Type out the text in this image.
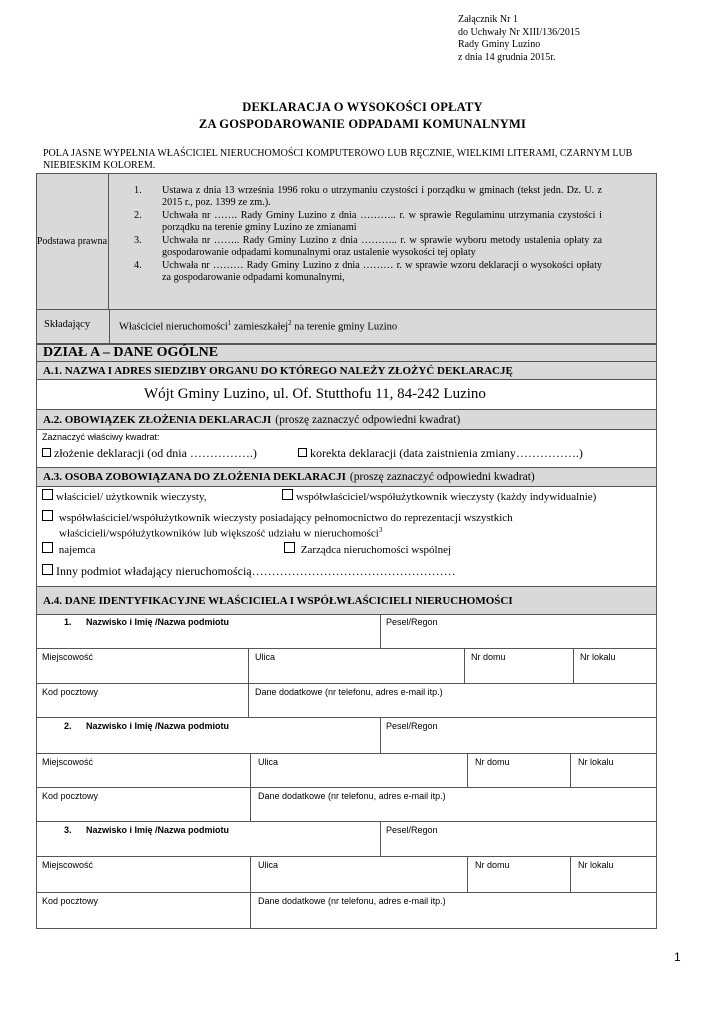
Załącznik Nr 1
do Uchwały Nr XIII/136/2015
Rady Gminy Luzino
z dnia 14 grudnia 2015r.
DEKLARACJA O WYSOKOŚCI OPŁATY
ZA GOSPODAROWANIE ODPADAMI KOMUNALNYMI
POLA JASNE WYPEŁNIA WŁAŚCICIEL NIERUCHOMOŚCI KOMPUTEROWO LUB RĘCZNIE, WIELKIMI LITERAMI, CZARNYM LUB NIEBIESKIM KOLOREM.
Podstawa prawna
1. Ustawa z dnia 13 września 1996 roku o utrzymaniu czystości i porządku w gminach (tekst jedn. Dz. U. z 2015 r., poz. 1399 ze zm.).
2. Uchwała nr ……. Rady Gminy Luzino z dnia ……….. r. w sprawie Regulaminu utrzymania czystości i porządku na terenie gminy Luzino ze zmianami
3. Uchwała nr …….. Rady Gminy Luzino z dnia ……….. r. w sprawie wyboru metody ustalenia opłaty za gospodarowanie odpadami komunalnymi oraz ustalenie wysokości tej opłaty
4. Uchwała nr ……… Rady Gminy Luzino z dnia ……… r. w sprawie wzoru deklaracji o wysokości opłaty za gospodarowanie odpadami komunalnymi,
Składający	Właściciel nieruchomości$^1$ zamieszkałej$^2$ na terenie gminy Luzino
DZIAŁ A – DANE OGÓLNE
A.1. NAZWA I ADRES SIEDZIBY ORGANU DO KTÓREGO NALEŻY ZŁOŻYĆ DEKLARACJĘ
Wójt Gminy Luzino, ul. Of. Stutthofu 11, 84-242 Luzino
A.2. OBOWIĄZEK ZŁOŻENIA DEKLARACJI (proszę zaznaczyć odpowiedni kwadrat)
Zaznaczyć właściwy kwadrat:
złożenie deklaracji (od dnia …………….)	korekta deklaracji (data zaistnienia zmiany…………….)
A.3. OSOBA ZOBOWIĄZANA DO ZŁOŻENIA DEKLARACJI (proszę zaznaczyć odpowiedni kwadrat)
właściciel/ użytkownik wieczysty,	współwłaściciel/współużytkownik wieczysty (każdy indywidualnie)
współwłaściciel/współużytkownik wieczysty posiadający pełnomocnictwo do reprezentacji wszystkich
właścicieli/współużytkowników lub większość udziału w nieruchomości$^3$
najemca	Zarządca nieruchomości wspólnej
Inny podmiot władający nieruchomością……………………………………………
A.4. DANE IDENTYFIKACYJNE WŁAŚCICIELA I WSPÓŁWŁAŚCICIELI NIERUCHOMOŚCI
1. Nazwisko i Imię /Nazwa podmiotu	Pesel/Regon
Miejscowość	Ulica	Nr domu	Nr lokalu
Kod pocztowy	Dane dodatkowe (nr telefonu, adres e-mail itp.)
2. Nazwisko i Imię /Nazwa podmiotu	Pesel/Regon
Miejscowość	Ulica	Nr domu	Nr lokalu
Kod pocztowy	Dane dodatkowe (nr telefonu, adres e-mail itp.)
3. Nazwisko i Imię /Nazwa podmiotu	Pesel/Regon
Miejscowość	Ulica	Nr domu	Nr lokalu
Kod pocztowy	Dane dodatkowe (nr telefonu, adres e-mail itp.)
1
